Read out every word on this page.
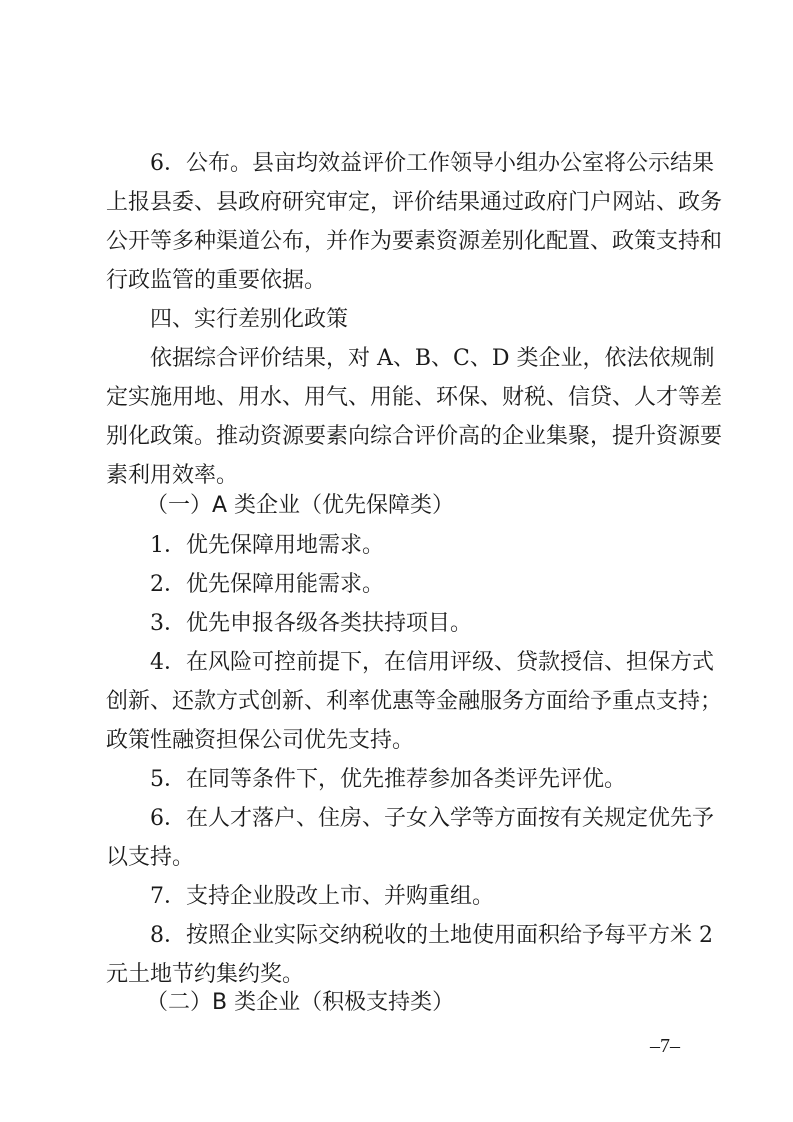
6．公布。县亩均效益评价工作领导小组办公室将公示结果
上报县委、县政府研究审定，评价结果通过政府门户网站、政务
公开等多种渠道公布，并作为要素资源差别化配置、政策支持和
行政监管的重要依据。
四、实行差别化政策
依据综合评价结果，对 A、B、C、D 类企业，依法依规制
定实施用地、用水、用气、用能、环保、财税、信贷、人才等差
别化政策。推动资源要素向综合评价高的企业集聚，提升资源要
素利用效率。
（一）A 类企业（优先保障类）
1．优先保障用地需求。
2．优先保障用能需求。
3．优先申报各级各类扶持项目。
4．在风险可控前提下，在信用评级、贷款授信、担保方式
创新、还款方式创新、利率优惠等金融服务方面给予重点支持；
政策性融资担保公司优先支持。
5．在同等条件下，优先推荐参加各类评先评优。
6．在人才落户、住房、子女入学等方面按有关规定优先予
以支持。
7．支持企业股改上市、并购重组。
8．按照企业实际交纳税收的土地使用面积给予每平方米 2
元土地节约集约奖。
（二）B 类企业（积极支持类）
–7–
